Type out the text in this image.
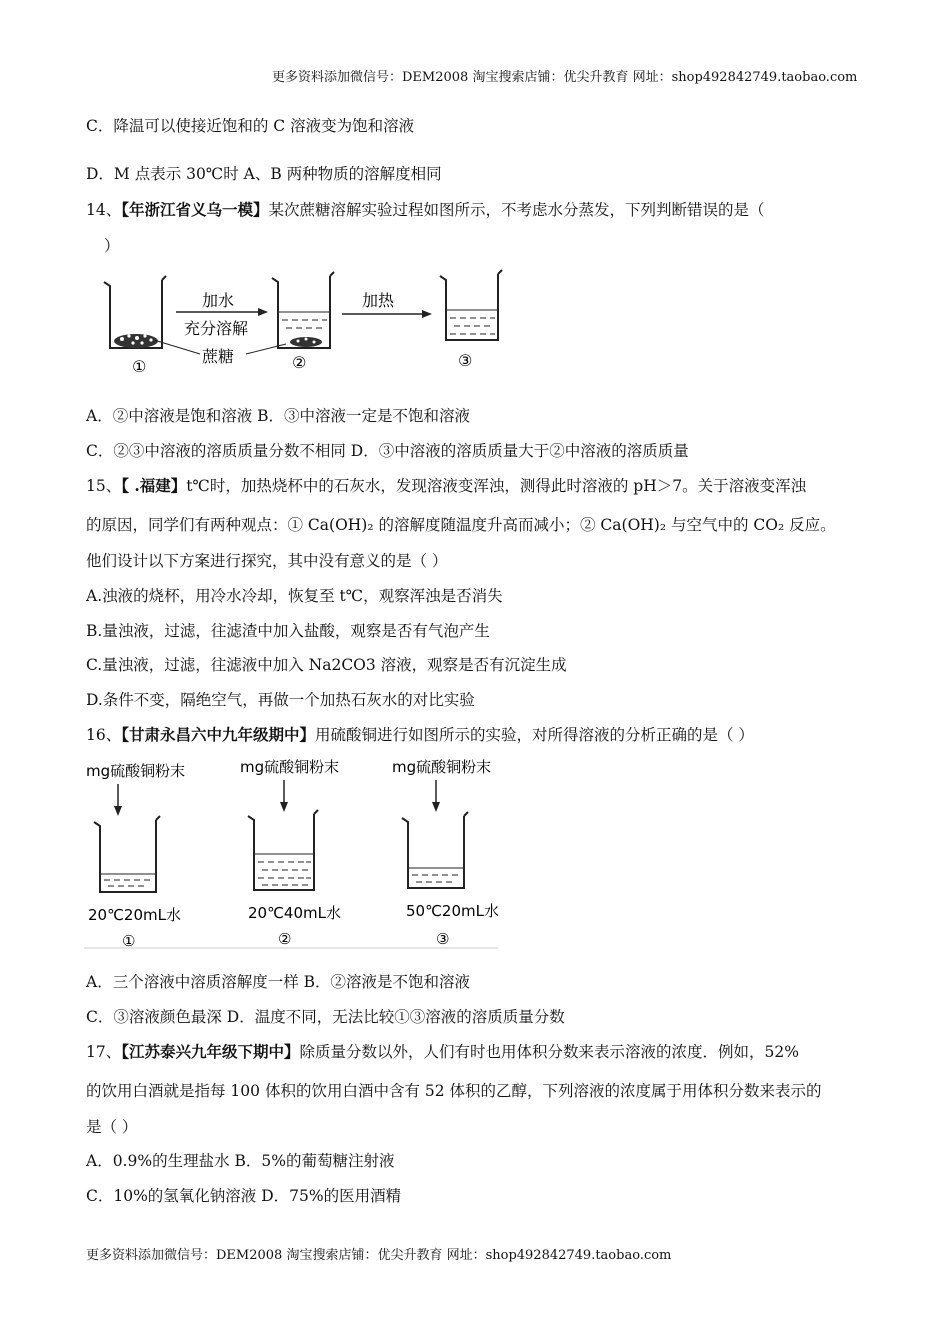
更多资料添加微信号：DEM2008 淘宝搜索店铺：优尖升教育 网址：shop492842749.taobao.com
C．降温可以使接近饱和的 C 溶液变为饱和溶液
D．M 点表示 30℃时 A、B 两种物质的溶解度相同
14、【年浙江省义乌一模】某次蔗糖溶解实验过程如图所示，不考虑水分蒸发，下列判断错误的是（
）
加水
充分溶解
蔗糖
加热
①	②	③
A．②中溶液是饱和溶液 B．③中溶液一定是不饱和溶液
C．②③中溶液的溶质质量分数不相同 D．③中溶液的溶质质量大于②中溶液的溶质质量
15、【 .福建】t℃时，加热烧杯中的石灰水，发现溶液变浑浊，测得此时溶液的 pH＞7。关于溶液变浑浊
的原因，同学们有两种观点：① Ca(OH)₂ 的溶解度随温度升高而减小；② Ca(OH)₂ 与空气中的 CO₂ 反应。
他们设计以下方案进行探究，其中没有意义的是（ ）
A.浊液的烧杯，用冷水冷却，恢复至 t℃，观察浑浊是否消失
B.量浊液，过滤，往滤渣中加入盐酸，观察是否有气泡产生
C.量浊液，过滤，往滤液中加入 Na2CO3 溶液，观察是否有沉淀生成
D.条件不变，隔绝空气，再做一个加热石灰水的对比实验
16、【甘肃永昌六中九年级期中】用硫酸铜进行如图所示的实验，对所得溶液的分析正确的是（ ）
mg硫酸铜粉末
20℃20mL水
①
mg硫酸铜粉末
20℃40mL水
②
mg硫酸铜粉末
50℃20mL水
③
A．三个溶液中溶质溶解度一样 B．②溶液是不饱和溶液
C．③溶液颜色最深 D．温度不同，无法比较①③溶液的溶质质量分数
17、【江苏泰兴九年级下期中】除质量分数以外，人们有时也用体积分数来表示溶液的浓度．例如，52%
的饮用白酒就是指每 100 体积的饮用白酒中含有 52 体积的乙醇，下列溶液的浓度属于用体积分数来表示的
是（ ）
A．0.9%的生理盐水 B．5%的葡萄糖注射液
C．10%的氢氧化钠溶液 D．75%的医用酒精
更多资料添加微信号：DEM2008 淘宝搜索店铺：优尖升教育 网址：shop492842749.taobao.com
